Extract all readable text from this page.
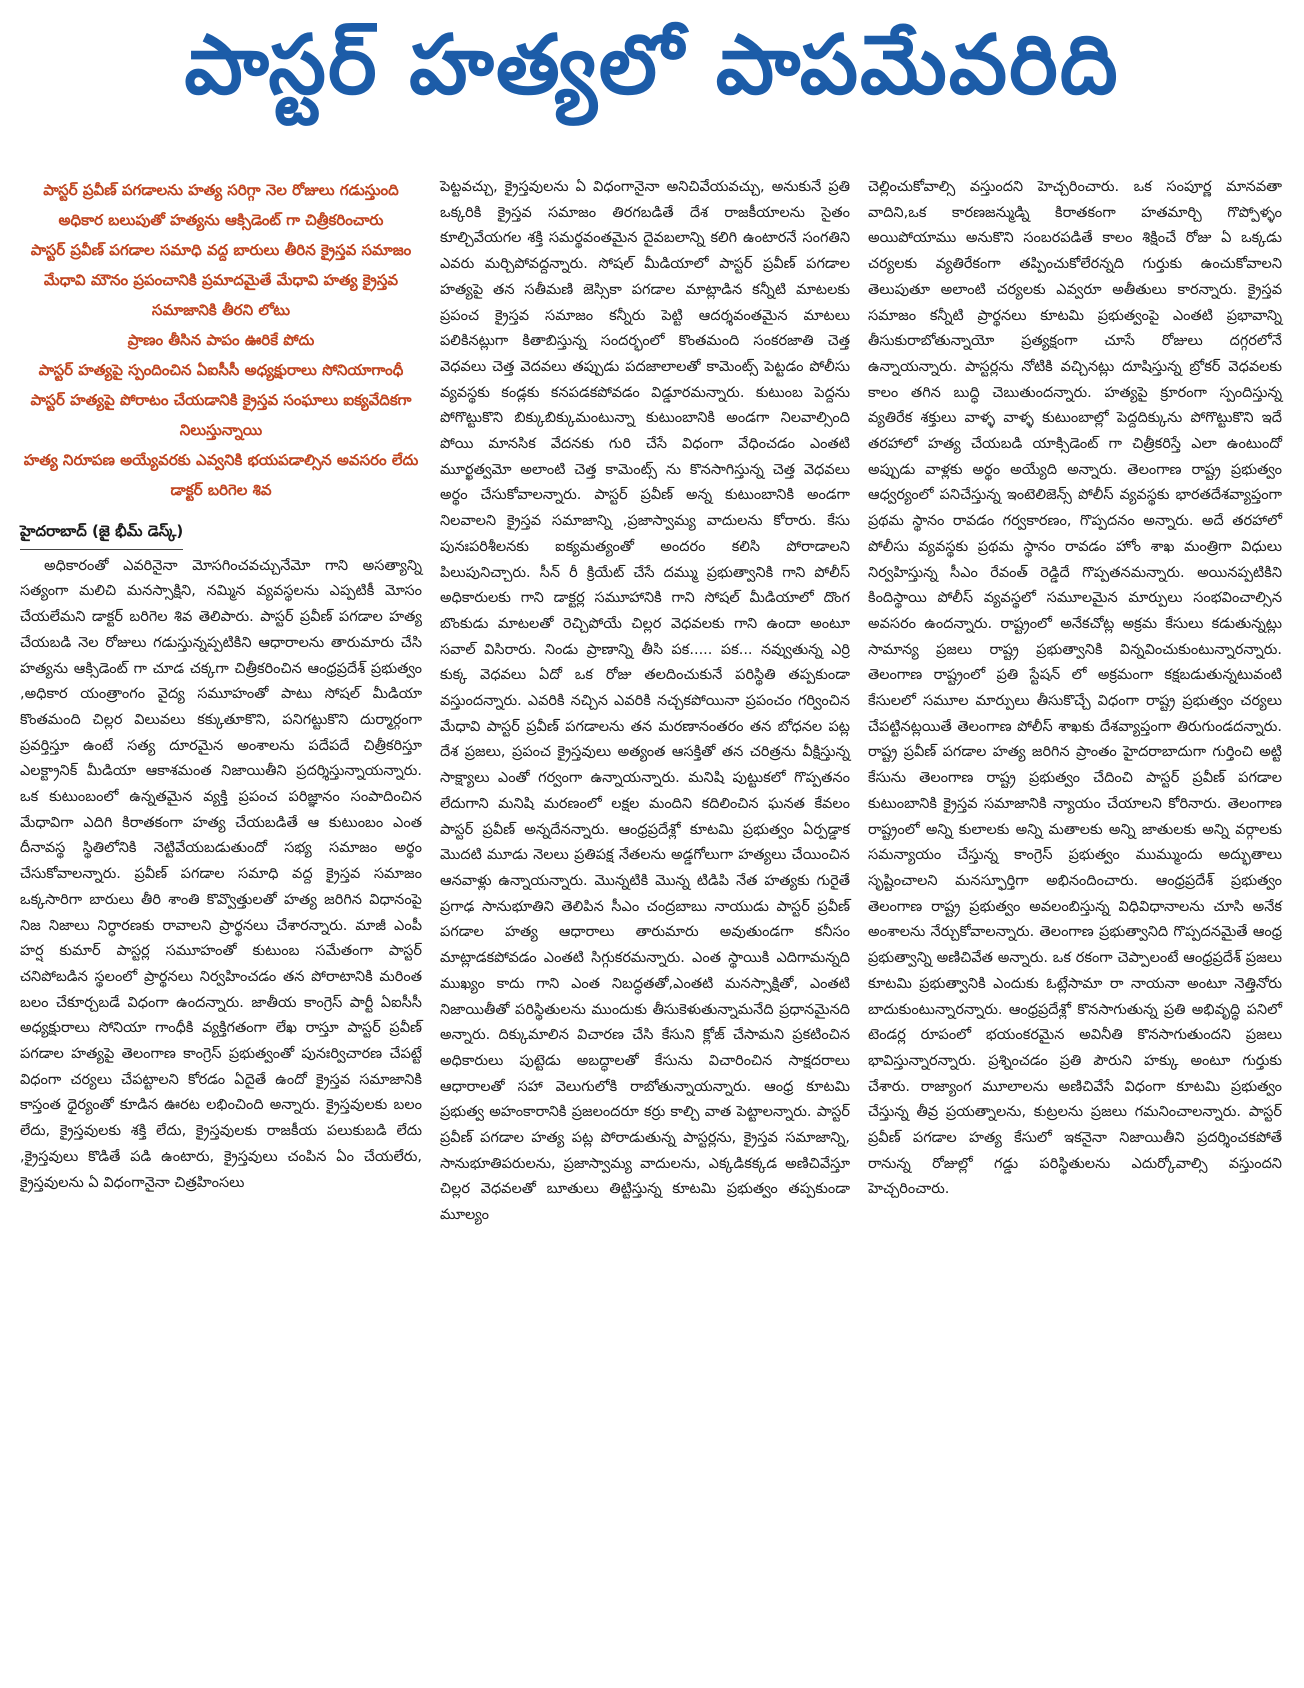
పాస్టర్ హత్యలో పాపమేవరిది

పాస్టర్ ప్రవీణ్ పగడాలను హత్య సరిగ్గా నెల రోజులు గడుస్తుంది

అధికార బలుపుతో హత్యను ఆక్సిడెంట్ గా చిత్రీకరించారు

పాస్టర్ ప్రవీణ్ పగడాల సమాధి వద్ద బారులు తీరిన క్రైస్తవ సమాజం

మేధావి మౌనం ప్రపంచానికి ప్రమాదమైతే మేధావి హత్య క్రైస్తవ సమాజానికి తీరని లోటు

ప్రాణం తీసిన పాపం ఊరికే పోదు

పాస్టర్ హత్యపై స్పందించిన ఏఐసీసీ అధ్యక్షురాలు సోనియాగాంధీ

పాస్టర్ హత్యపై పోరాటం చేయడానికి క్రైస్తవ సంఘాలు ఐక్యవేదికగా నిలుస్తున్నాయి

హత్య నిరూపణ అయ్యేవరకు ఎవ్వనికి భయపడాల్సిన అవసరం లేదు

డాక్టర్ బరిగెల శివ

హైదరాబాద్ (జై భీమ్ డెస్క్)

అధికారంతో ఎవరినైనా మోసగించవచ్చునేమో గాని అసత్యాన్ని సత్యంగా మలిచి మనస్సాక్షిని, నమ్మిన వ్యవస్థలను ఎప్పటికీ మోసం చేయలేమని డాక్టర్ బరిగెల శివ తెలిపారు. పాస్టర్ ప్రవీణ్ పగడాల హత్య చేయబడి నెల రోజులు గడుస్తున్నప్పటికిని ఆధారాలను తారుమారు చేసి హత్యను ఆక్సిడెంట్ గా చూడ చక్కగా చిత్రీకరించిన ఆంధ్రప్రదేశ్ ప్రభుత్వం ,అధికార యంత్రాంగం వైద్య సమూహంతో పాటు సోషల్ మీడియా కొంతమంది చిల్లర విలువలు కక్కుతూకొని, పనిగట్టుకొని దుర్మార్గంగా ప్రవర్తిస్తూ ఉంటే సత్య దూరమైన అంశాలను పదేపదే చిత్రీకరిస్తూ ఎలక్ట్రానిక్ మీడియా ఆకాశమంత నిజాయితీని ప్రదర్శిస్తున్నాయన్నారు. ఒక కుటుంబంలో ఉన్నతమైన వ్యక్తి ప్రపంచ పరిజ్ఞానం సంపాదించిన మేధావిగా ఎదిగి కిరాతకంగా హత్య చేయబడితే ఆ కుటుంబం ఎంత దీనావస్థ స్థితిలోనికి నెట్టివేయబడుతుందో సభ్య సమాజం అర్థం చేసుకోవాలన్నారు. ప్రవీణ్ పగడాల సమాధి వద్ద క్రైస్తవ సమాజం ఒక్కసారిగా బారులు తీరి శాంతి కొవ్వొత్తులతో హత్య జరిగిన విధానంపై నిజ నిజాలు నిర్ధారణకు రావాలని ప్రార్థనలు చేశారన్నారు. మాజీ ఎంపీ హర్ష కుమార్ పాస్టర్ల సమూహంతో కుటుంబ సమేతంగా పాస్టర్ చనిపోబడిన స్థలంలో ప్రార్థనలు నిర్వహించడం తన పోరాటానికి మరింత బలం చేకూర్చబడే విధంగా ఉందన్నారు. జాతీయ కాంగ్రెస్ పార్టీ ఏఐసీసీ అధ్యక్షురాలు సోనియా గాంధీకి వ్యక్తిగతంగా లేఖ రాస్తూ పాస్టర్ ప్రవీణ్ పగడాల హత్యపై తెలంగాణ కాంగ్రెస్ ప్రభుత్వంతో పునఃర్విచారణ చేపట్టే విధంగా చర్యలు చేపట్టాలని కోరడం ఏదైతే ఉందో క్రైస్తవ సమాజానికి కాస్తంత ధైర్యంతో కూడిన ఊరట లభించింది అన్నారు. క్రైస్తవులకు బలం లేదు, క్రైస్తవులకు శక్తి లేదు, క్రైస్తవులకు రాజకీయ పలుకుబడి లేదు ,క్రైస్తవులు కొడితే పడి ఉంటారు, క్రైస్తవులు చంపిన ఏం చేయలేరు, క్రైస్తవులను ఏ విధంగానైనా చిత్రహింసలు

పెట్టవచ్చు, క్రైస్తవులను ఏ విధంగానైనా అనిచివేయవచ్చు, అనుకునే ప్రతి ఒక్కరికి క్రైస్తవ సమాజం తిరగబడితే దేశ రాజకీయాలను సైతం కూల్చివేయగల శక్తి సమర్థవంతమైన దైవబలాన్ని కలిగి ఉంటారనే సంగతిని ఎవరు మర్చిపోవద్దన్నారు. సోషల్ మీడియాలో పాస్టర్ ప్రవీణ్ పగడాల హత్యపై తన సతీమణి జెస్సికా పగడాల మాట్లాడిన కన్నీటి మాటలకు ప్రపంచ క్రైస్తవ సమాజం కన్నీరు పెట్టి ఆదర్శవంతమైన మాటలు పలికినట్లుగా కితాబిస్తున్న సందర్భంలో కొంతమంది సంకరజాతి చెత్త వెధవలు చెత్త వెదవలు తప్పుడు పదజాలాలతో కామెంట్స్ పెట్టడం పోలీసు వ్యవస్థకు కండ్లకు కనపడకపోవడం విడ్డూరమన్నారు. కుటుంబ పెద్దను పోగొట్టుకొని బిక్కుబిక్కుమంటున్నా కుటుంబానికి అండగా నిలవాల్సింది పోయి మానసిక వేదనకు గురి చేసే విధంగా వేధించడం ఎంతటి మూర్ఖత్వమో అలాంటి చెత్త కామెంట్స్ ను కొనసాగిస్తున్న చెత్త వెధవలు అర్థం చేసుకోవాలన్నారు. పాస్టర్ ప్రవీణ్ అన్న కుటుంబానికి అండగా నిలవాలని క్రైస్తవ సమాజాన్ని ,ప్రజాస్వామ్య వాదులను కోరారు. కేసు పునఃపరిశీలనకు ఐక్యమత్యంతో అందరం కలిసి పోరాడాలని పిలుపునిచ్చారు. సీన్ రీ క్రియేట్ చేసే దమ్ము ప్రభుత్వానికి గాని పోలీస్ అధికారులకు గాని డాక్టర్ల సమూహానికి గాని సోషల్ మీడియాలో దొంగ బొంకుడు మాటలతో రెచ్చిపోయే చిల్లర వెధవలకు గాని ఉందా అంటూ సవాల్ విసిరారు. నిండు ప్రాణాన్ని తీసి పక..... పక... నవ్వుతున్న ఎర్రి కుక్క వెధవలు ఏదో ఒక రోజు తలదించుకునే పరిస్థితి తప్పకుండా వస్తుందన్నారు. ఎవరికి నచ్చిన ఎవరికి నచ్చకపోయినా ప్రపంచం గర్వించిన మేధావి పాస్టర్ ప్రవీణ్ పగడాలను తన మరణానంతరం తన బోధనల పట్ల దేశ ప్రజలు, ప్రపంచ క్రైస్తవులు అత్యంత ఆసక్తితో తన చరిత్రను వీక్షిస్తున్న సాక్ష్యాలు ఎంతో గర్వంగా ఉన్నాయన్నారు. మనిషి పుట్టుకలో గొప్పతనం లేదుగాని మనిషి మరణంలో లక్షల మందిని కదిలించిన ఘనత కేవలం పాస్టర్ ప్రవీణ్ అన్నదేనన్నారు. ఆంధ్రప్రదేశ్లో కూటమి ప్రభుత్వం ఏర్పడ్డాక మొదటి మూడు నెలలు ప్రతిపక్ష నేతలను అడ్డగోలుగా హత్యలు చేయించిన ఆనవాళ్లు ఉన్నాయన్నారు. మొన్నటికి మొన్న టిడిపి నేత హత్యకు గురైతే ప్రగాఢ సానుభూతిని తెలిపిన సీఎం చంద్రబాబు నాయుడు పాస్టర్ ప్రవీణ్ పగడాల హత్య ఆధారాలు తారుమారు అవుతుండగా కనీసం మాట్లాడకపోవడం ఎంతటి సిగ్గుకరమన్నారు. ఎంత స్థాయికి ఎదిగామన్నది ముఖ్యం కాదు గాని ఎంత నిబద్ధతతో,ఎంతటి మనస్సాక్షితో, ఎంతటి నిజాయితీతో పరిస్థితులను ముందుకు తీసుకెళుతున్నామనేది ప్రధానమైనది అన్నారు. దిక్కుమాలిన విచారణ చేసి కేసుని క్లోజ్ చేసామని ప్రకటించిన అధికారులు పుట్టెడు అబద్ధాలతో కేసును విచారించిన సాక్షదరాలు ఆధారాలతో సహా వెలుగులోకి రాబోతున్నాయన్నారు. ఆంధ్ర కూటమి ప్రభుత్వ అహంకారానికి ప్రజలందరూ కర్రు కాల్చి వాత పెట్టాలన్నారు. పాస్టర్ ప్రవీణ్ పగడాల హత్య పట్ల పోరాడుతున్న పాస్టర్లను, క్రైస్తవ సమాజాన్ని, సానుభూతిపరులను, ప్రజాస్వామ్య వాదులను, ఎక్కడికక్కడ అణిచివేస్తూ చిల్లర వెధవలతో బూతులు తిట్టిస్తున్న కూటమి ప్రభుత్వం తప్పకుండా మూల్యం

చెల్లించుకోవాల్సి వస్తుందని హెచ్చరించారు. ఒక సంపూర్ణ మానవతా వాదిని,ఒక కారణజన్ముడ్ని కిరాతకంగా హతమార్చి గొప్పోళ్ళం అయిపోయాము అనుకొని సంబరపడితే కాలం శిక్షించే రోజు ఏ ఒక్కడు చర్యలకు వ్యతిరేకంగా తప్పించుకోలేరన్నది గుర్తుకు ఉంచుకోవాలని తెలుపుతూ అలాంటి చర్యలకు ఎవ్వరూ అతీతులు కారన్నారు. క్రైస్తవ సమాజం కన్నీటి ప్రార్థనలు కూటమి ప్రభుత్వంపై ఎంతటి ప్రభావాన్ని తీసుకురాబోతున్నాయో ప్రత్యక్షంగా చూసే రోజులు దగ్గరలోనే ఉన్నాయన్నారు. పాస్టర్లను నోటికి వచ్చినట్లు దూషిస్తున్న బ్రోకర్ వెధవలకు కాలం తగిన బుద్ధి చెబుతుందన్నారు. హత్యపై క్రూరంగా స్పందిస్తున్న వ్యతిరేక శక్తులు వాళ్ళ వాళ్ళ కుటుంబాల్లో పెద్దదిక్కును పోగొట్టుకొని ఇదే తరహాలో హత్య చేయబడి యాక్సిడెంట్ గా చిత్రీకరిస్తే ఎలా ఉంటుందో అప్పుడు వాళ్లకు అర్థం అయ్యేది అన్నారు. తెలంగాణ రాష్ట్ర ప్రభుత్వం ఆధ్వర్యంలో పనిచేస్తున్న ఇంటెలిజెన్స్ పోలీస్ వ్యవస్థకు భారతదేశవ్యాప్తంగా ప్రథమ స్థానం రావడం గర్వకారణం, గొప్పదనం అన్నారు. అదే తరహాలో పోలీసు వ్యవస్థకు ప్రథమ స్థానం రావడం హోం శాఖ మంత్రిగా విధులు నిర్వహిస్తున్న సీఎం రేవంత్ రెడ్డిదే గొప్పతనమన్నారు. అయినప్పటికిని కిందిస్థాయి పోలీస్ వ్యవస్థలో సమూలమైన మార్పులు సంభవించాల్సిన అవసరం ఉందన్నారు. రాష్ట్రంలో అనేకచోట్ల అక్రమ కేసులు కడుతున్నట్లు సామాన్య ప్రజలు రాష్ట్ర ప్రభుత్వానికి విన్నవించుకుంటున్నారన్నారు. తెలంగాణ రాష్ట్రంలో ప్రతి స్టేషన్ లో అక్రమంగా కక్షబడుతున్నటువంటి కేసులలో సమూల మార్పులు తీసుకొచ్చే విధంగా రాష్ట్ర ప్రభుత్వం చర్యలు చేపట్టినట్లయితే తెలంగాణ పోలీస్ శాఖకు దేశవ్యాప్తంగా తిరుగుండదన్నారు. రాష్ట్ర ప్రవీణ్ పగడాల హత్య జరిగిన ప్రాంతం హైదరాబాదుగా గుర్తించి అట్టి కేసును తెలంగాణ రాష్ట్ర ప్రభుత్వం చేదించి పాస్టర్ ప్రవీణ్ పగడాల కుటుంబానికి క్రైస్తవ సమాజానికి న్యాయం చేయాలని కోరినారు. తెలంగాణ రాష్ట్రంలో అన్ని కులాలకు అన్ని మతాలకు అన్ని జాతులకు అన్ని వర్గాలకు సమన్యాయం చేస్తున్న కాంగ్రెస్ ప్రభుత్వం ముమ్ముందు అద్భుతాలు సృష్టించాలని మనస్ఫూర్తిగా అభినందించారు. ఆంధ్రప్రదేశ్ ప్రభుత్వం తెలంగాణ రాష్ట్ర ప్రభుత్వం అవలంబిస్తున్న విధివిధానాలను చూసి అనేక అంశాలను నేర్చుకోవాలన్నారు. తెలంగాణ ప్రభుత్వానిది గొప్పదనమైతే ఆంధ్ర ప్రభుత్వాన్ని అణిచివేత అన్నారు. ఒక రకంగా చెప్పాలంటే ఆంధ్రప్రదేశ్ ప్రజలు కూటమి ప్రభుత్వానికి ఎందుకు ఓట్లేసామా రా నాయనా అంటూ నెత్తినోరు బాదుకుంటున్నారన్నారు. ఆంధ్రప్రదేశ్లో కొనసాగుతున్న ప్రతి అభివృద్ధి పనిలో టెండర్ల రూపంలో భయంకరమైన అవినీతి కొనసాగుతుందని ప్రజలు భావిస్తున్నారన్నారు. ప్రశ్నించడం ప్రతి పౌరుని హక్కు అంటూ గుర్తుకు చేశారు. రాజ్యాంగ మూలాలను అణిచివేసే విధంగా కూటమి ప్రభుత్వం చేస్తున్న తీవ్ర ప్రయత్నాలను, కుట్రలను ప్రజలు గమనించాలన్నారు. పాస్టర్ ప్రవీణ్ పగడాల హత్య కేసులో ఇకనైనా నిజాయితీని ప్రదర్శించకపోతే రానున్న రోజుల్లో గడ్డు పరిస్థితులను ఎదుర్కోవాల్సి వస్తుందని హెచ్చరించారు.
